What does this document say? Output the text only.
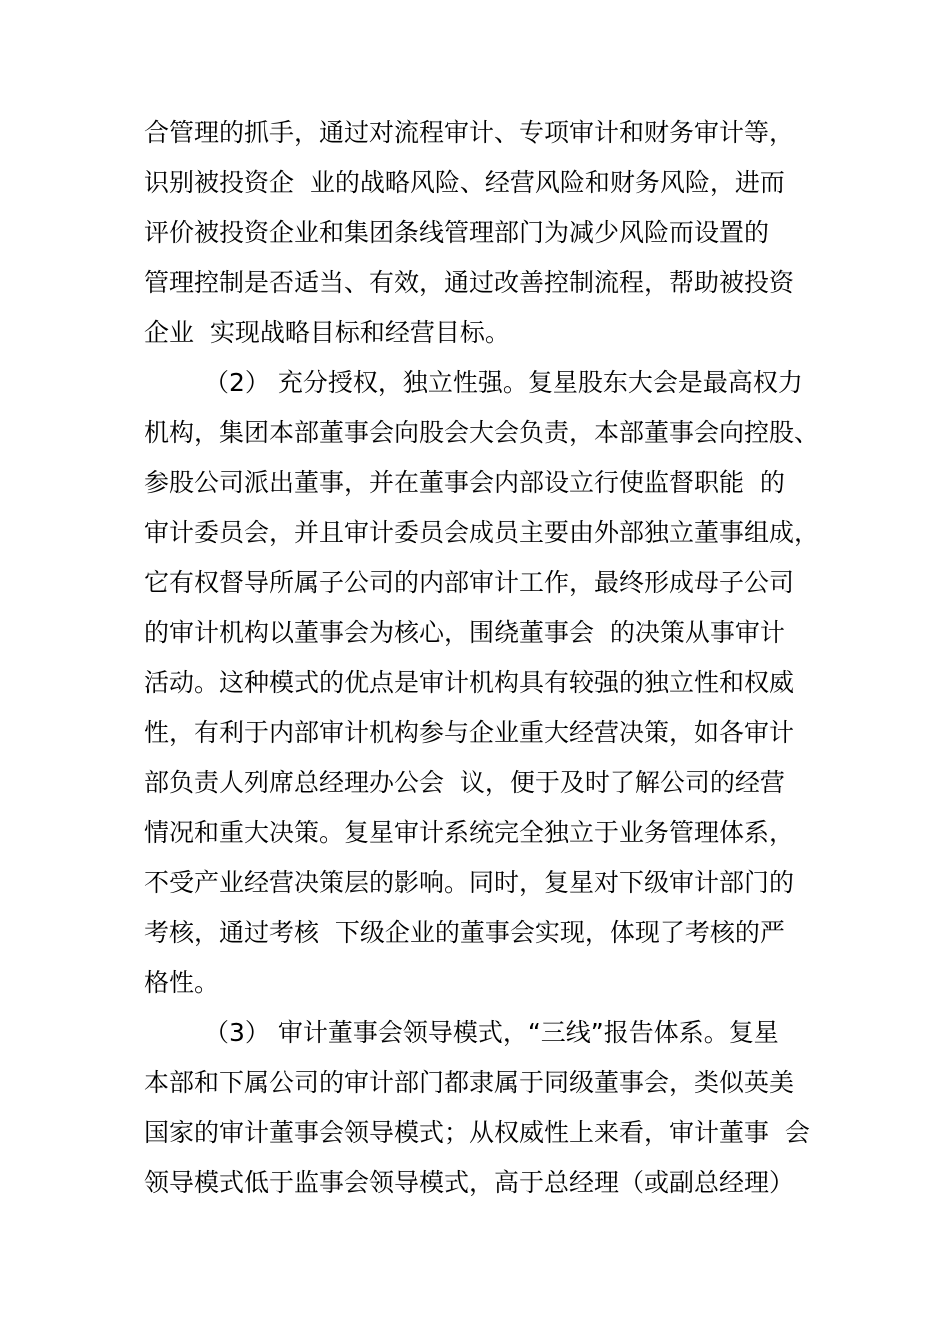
合管理的抓手，通过对流程审计、专项审计和财务审计等，
识别被投资企  业的战略风险、经营风险和财务风险，进而
评价被投资企业和集团条线管理部门为减少风险而设置的
管理控制是否适当、有效，通过改善控制流程，帮助被投资
企业  实现战略目标和经营目标。
（2） 充分授权，独立性强。复星股东大会是最高权力
机构，集团本部董事会向股会大会负责，本部董事会向控股、
参股公司派出董事，并在董事会内部设立行使监督职能  的
审计委员会，并且审计委员会成员主要由外部独立董事组成，
它有权督导所属子公司的内部审计工作，最终形成母子公司
的审计机构以董事会为核心，围绕董事会  的决策从事审计
活动。这种模式的优点是审计机构具有较强的独立性和权威
性，有利于内部审计机构参与企业重大经营决策，如各审计
部负责人列席总经理办公会  议，便于及时了解公司的经营
情况和重大决策。复星审计系统完全独立于业务管理体系，
不受产业经营决策层的影响。同时，复星对下级审计部门的
考核，通过考核  下级企业的董事会实现，体现了考核的严
格性。
（3） 审计董事会领导模式，“三线”报告体系。复星
本部和下属公司的审计部门都隶属于同级董事会，类似英美
国家的审计董事会领导模式；从权威性上来看，审计董事  会
领导模式低于监事会领导模式，高于总经理（或副总经理）
